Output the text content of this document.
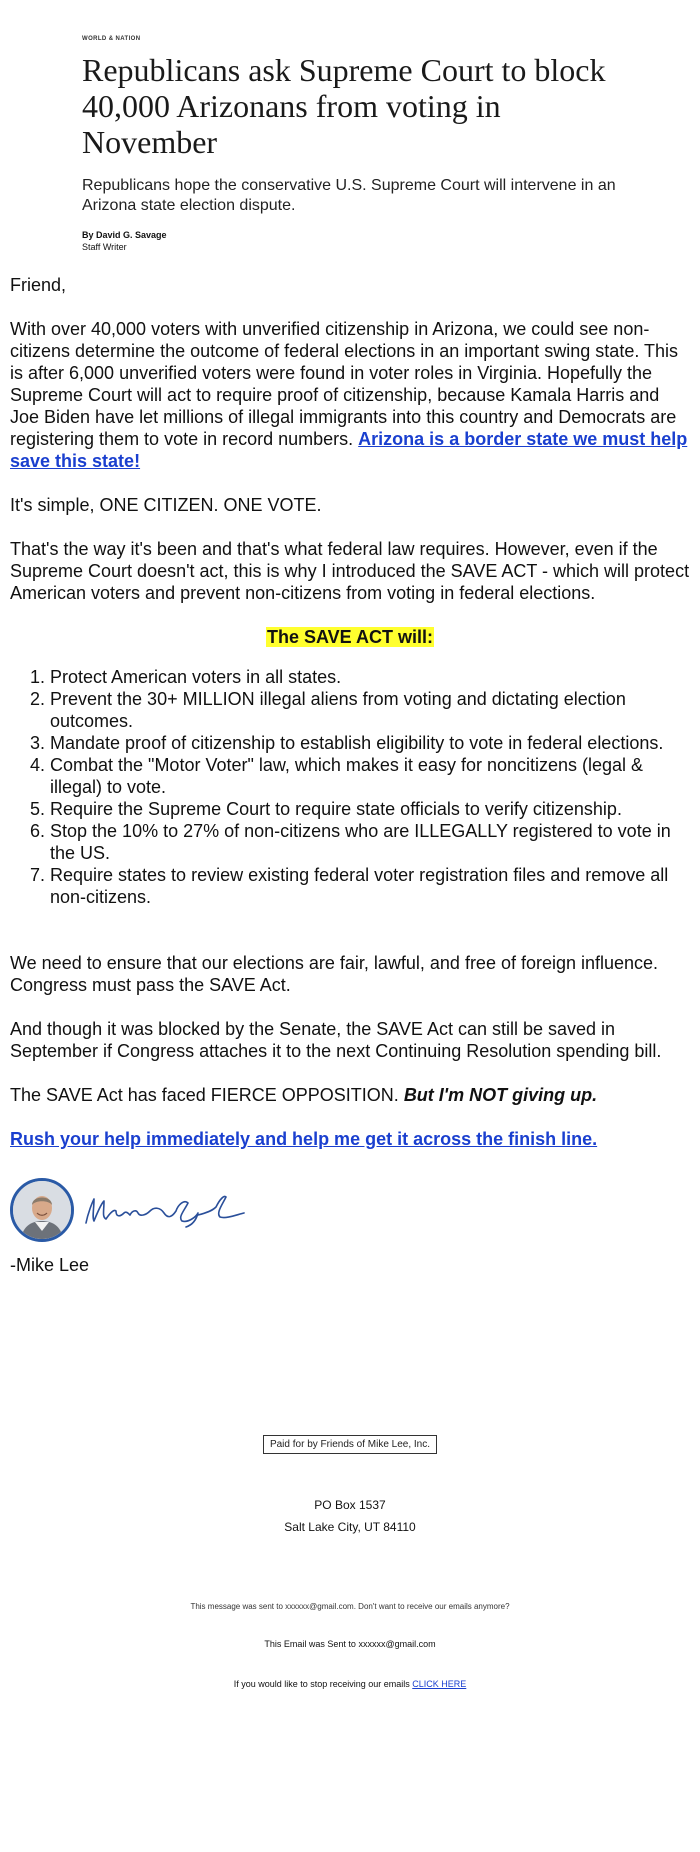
WORLD & NATION

Republicans ask Supreme Court to block 40,000 Arizonans from voting in November

Republicans hope the conservative U.S. Supreme Court will intervene in an Arizona state election dispute.

By David G. Savage

Staff Writer

Friend,

With over 40,000 voters with unverified citizenship in Arizona, we could see non-citizens determine the outcome of federal elections in an important swing state. This is after 6,000 unverified voters were found in voter roles in Virginia. Hopefully the Supreme Court will act to require proof of citizenship, because Kamala Harris and Joe Biden have let millions of illegal immigrants into this country and Democrats are registering them to vote in record numbers. Arizona is a border state we must help save this state!

It's simple, ONE CITIZEN. ONE VOTE.

That's the way it's been and that's what federal law requires. However, even if the Supreme Court doesn't act, this is why I introduced the SAVE ACT - which will protect American voters and prevent non-citizens from voting in federal elections.

The SAVE ACT will:

1. Protect American voters in all states.
2. Prevent the 30+ MILLION illegal aliens from voting and dictating election outcomes.
3. Mandate proof of citizenship to establish eligibility to vote in federal elections.
4. Combat the "Motor Voter" law, which makes it easy for noncitizens (legal & illegal) to vote.
5. Require the Supreme Court to require state officials to verify citizenship.
6. Stop the 10% to 27% of non-citizens who are ILLEGALLY registered to vote in the US.
7. Require states to review existing federal voter registration files and remove all non-citizens.

We need to ensure that our elections are fair, lawful, and free of foreign influence. Congress must pass the SAVE Act.

And though it was blocked by the Senate, the SAVE Act can still be saved in September if Congress attaches it to the next Continuing Resolution spending bill.

The SAVE Act has faced FIERCE OPPOSITION. But I'm NOT giving up.

Rush your help immediately and help me get it across the finish line.

-Mike Lee

Paid for by Friends of Mike Lee, Inc.
PO Box 1537
Salt Lake City, UT 84110
This message was sent to xxxxxx@gmail.com. Don't want to receive our emails anymore?
This Email was Sent to xxxxxx@gmail.com
If you would like to stop receiving our emails CLICK HERE
